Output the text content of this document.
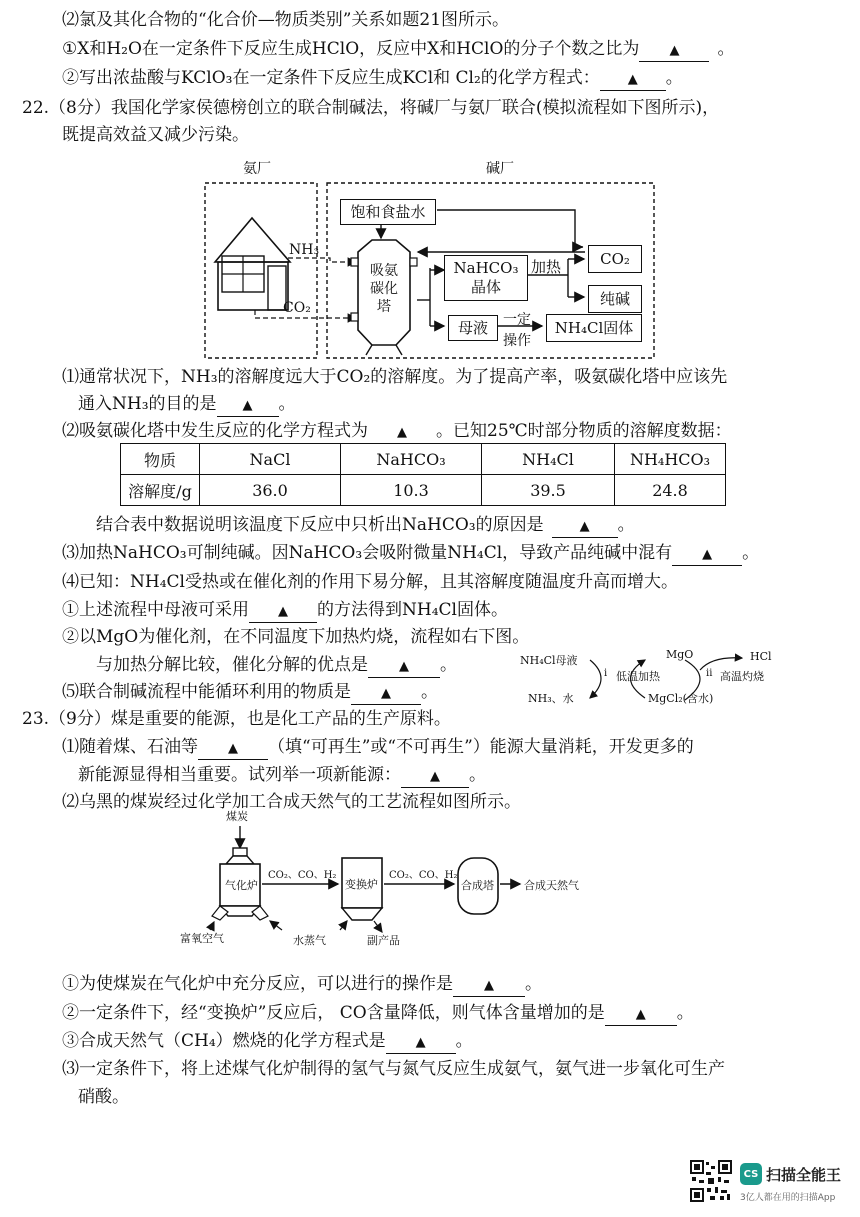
⑵氯及其化合物的“化合价—物质类别”关系如题21图所示。
①X和H₂O在一定条件下反应生成HClO，反应中X和HClO的分子个数之比为 ▲ 。
②写出浓盐酸与KClO₃在一定条件下反应生成KCl和 Cl₂的化学方程式： ▲ 。
22.（8分）我国化学家侯德榜创立的联合制碱法，将碱厂与氨厂联合(模拟流程如下图所示)，
既提高效益又减少污染。
氨厂	碱厂
NH₃
CO₂
饱和食盐水
吸氨碳化塔
NaHCO₃
晶体
加热	CO₂
纯碱
母液	一定
操作
NH₄Cl固体
⑴通常状况下，NH₃的溶解度远大于CO₂的溶解度。为了提高产率，吸氨碳化塔中应该先
通入NH₃的目的是 ▲ 。
⑵吸氨碳化塔中发生反应的化学方程式为 ▲ 。已知25℃时部分物质的溶解度数据：
物质	NaCl	NaHCO₃	NH₄Cl	NH₄HCO₃
溶解度/g	36.0	10.3	39.5	24.8
结合表中数据说明该温度下反应中只析出NaHCO₃的原因是	▲ 。
⑶加热NaHCO₃可制纯碱。因NaHCO₃会吸附微量NH₄Cl，导致产品纯碱中混有 ▲ 。
⑷已知：NH₄Cl受热或在催化剂的作用下易分解，且其溶解度随温度升高而增大。
①上述流程中母液可采用 ▲ 的方法得到NH₄Cl固体。
②以MgO为催化剂，在不同温度下加热灼烧，流程如右下图。
与加热分解比较，催化分解的优点是 ▲ 。
⑸联合制碱流程中能循环利用的物质是 ▲ 。
NH₄Cl母液	MgO	HCl
i 低温加热	ii 高温灼烧
NH₃、水	MgCl₂(含水)
23.（9分）煤是重要的能源，也是化工产品的生产原料。
⑴随着煤、石油等 ▲ （填“可再生”或“不可再生”）能源大量消耗，开发更多的
新能源显得相当重要。试列举一项新能源： ▲ 。
⑵乌黑的煤炭经过化学加工合成天然气的工艺流程如图所示。
煤炭
气化炉
CO₂、CO、H₂
变换炉
CO₂、CO、H₂
合成塔	合成天然气
富氧空气	水蒸气	副产品
①为使煤炭在气化炉中充分反应，可以进行的操作是 ▲ 。
②一定条件下，经“变换炉”反应后， CO含量降低，则气体含量增加的是 ▲ 。
③合成天然气（CH₄）燃烧的化学方程式是 ▲ 。
⑶一定条件下，将上述煤气化炉制得的氢气与氮气反应生成氨气，氨气进一步氧化可生产
硝酸。
CS 扫描全能王
3亿人都在用的扫描App
